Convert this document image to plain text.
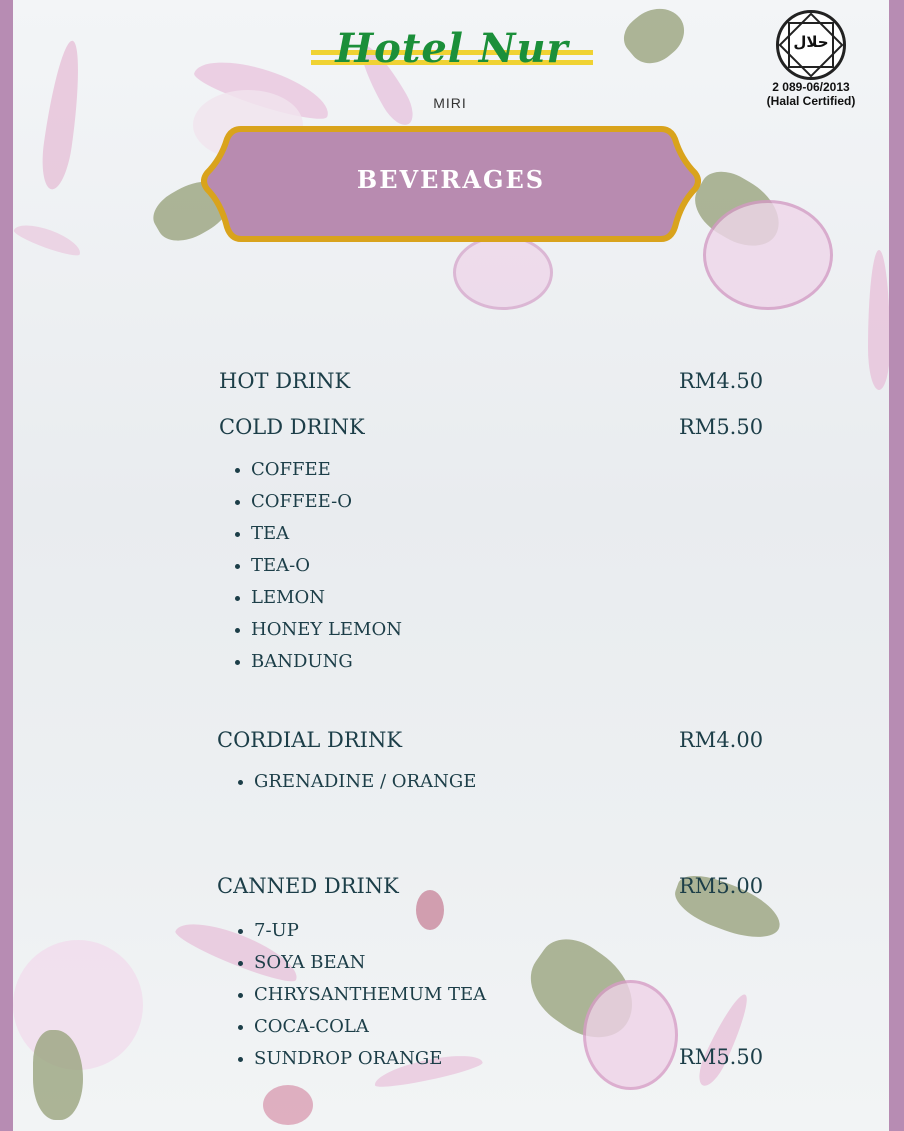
Hotel Nur
MIRI
حلال
2 089-06/2013
(Halal Certified)
BEVERAGES
HOT DRINK	RM4.50
COLD DRINK	RM5.50
COFFEE
COFFEE-O
TEA
TEA-O
LEMON
HONEY LEMON
BANDUNG
CORDIAL DRINK	RM4.00
GRENADINE / ORANGE
CANNED DRINK	RM5.00
7-UP
SOYA BEAN
CHRYSANTHEMUM TEA
COCA-COLA
SUNDROP ORANGE	RM5.50
